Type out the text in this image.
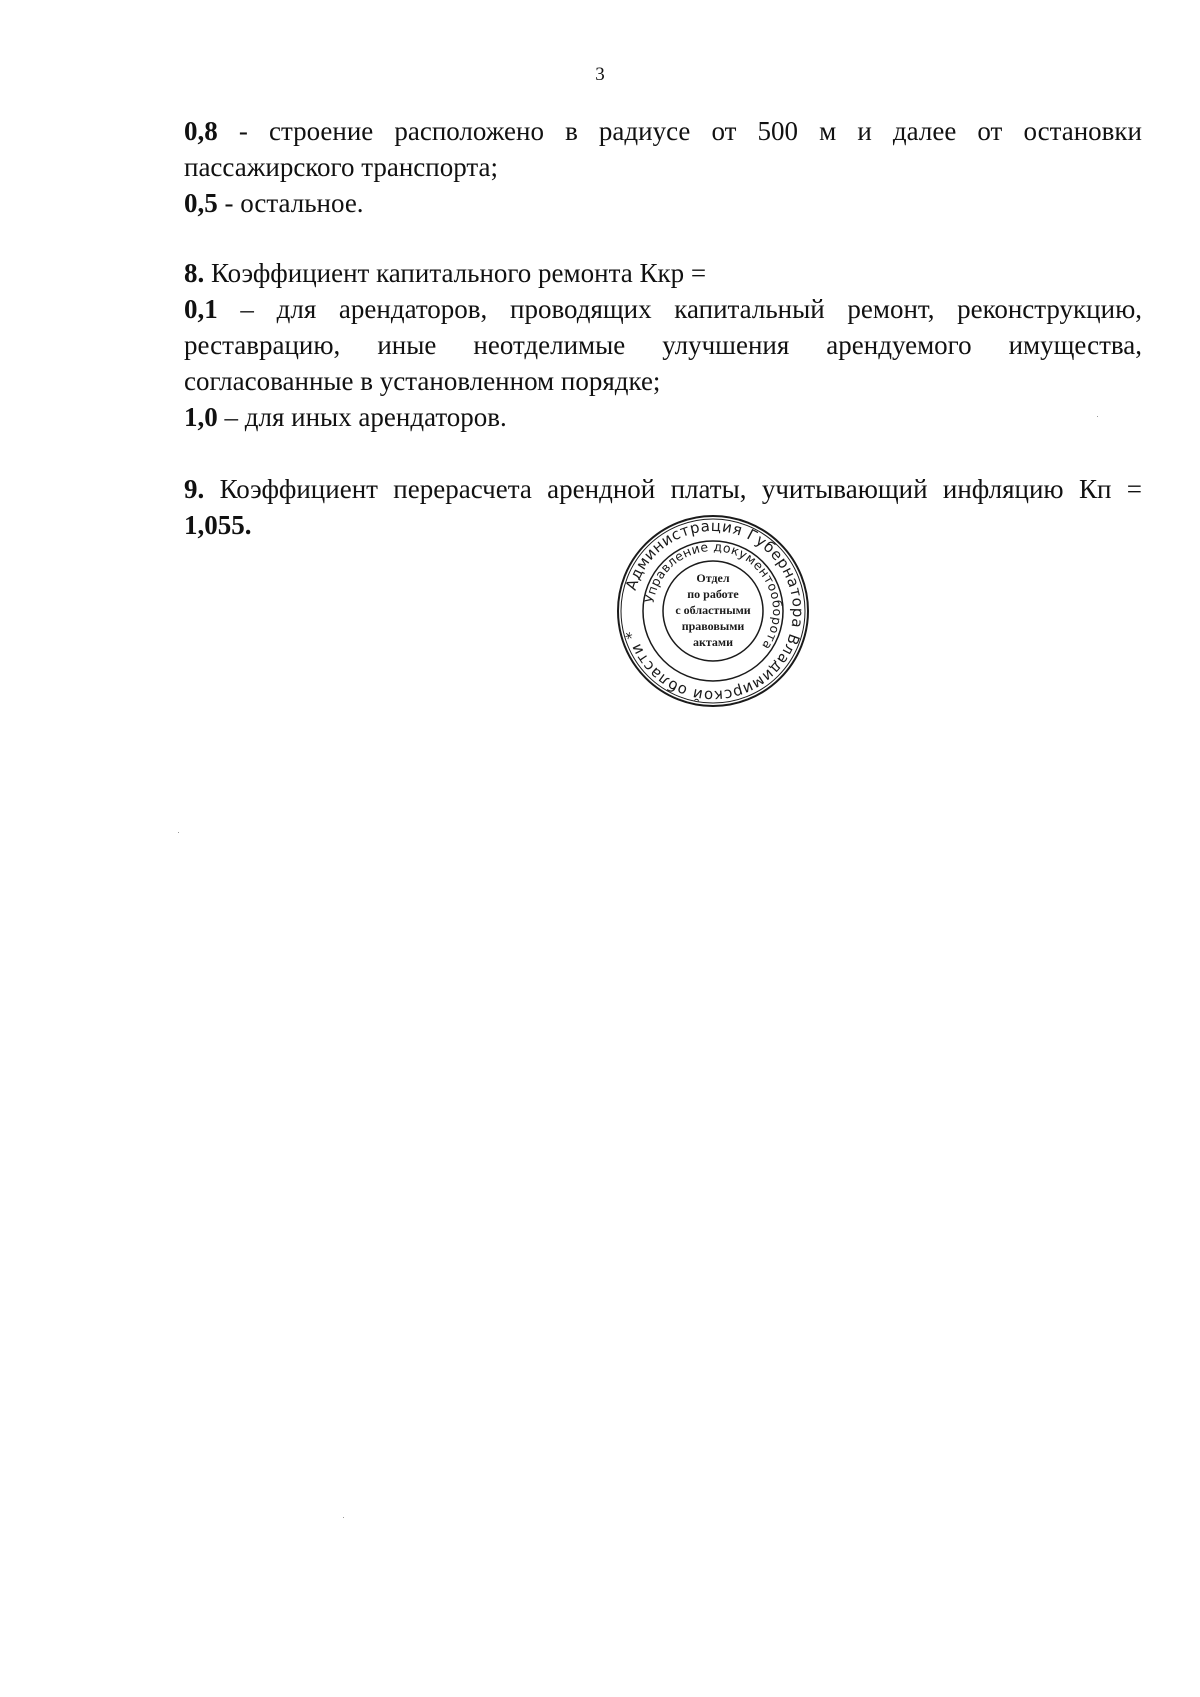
3

0,8 - строение расположено в радиусе от 500 м и далее от остановки пассажирского транспорта;

0,5 - остальное.

8. Коэффициент капитального ремонта Ккр =

0,1 – для арендаторов, проводящих капитальный ремонт, реконструкцию, реставрацию, иные неотделимые улучшения арендуемого имущества, согласованные в установленном порядке;

1,0 – для иных арендаторов.

9. Коэффициент перерасчета арендной платы, учитывающий инфляцию Кп = 1,055.

Администрация Губернатора Владимирской области *
Управление документооборота
Отдел
по работе
с областными
правовыми
актами
